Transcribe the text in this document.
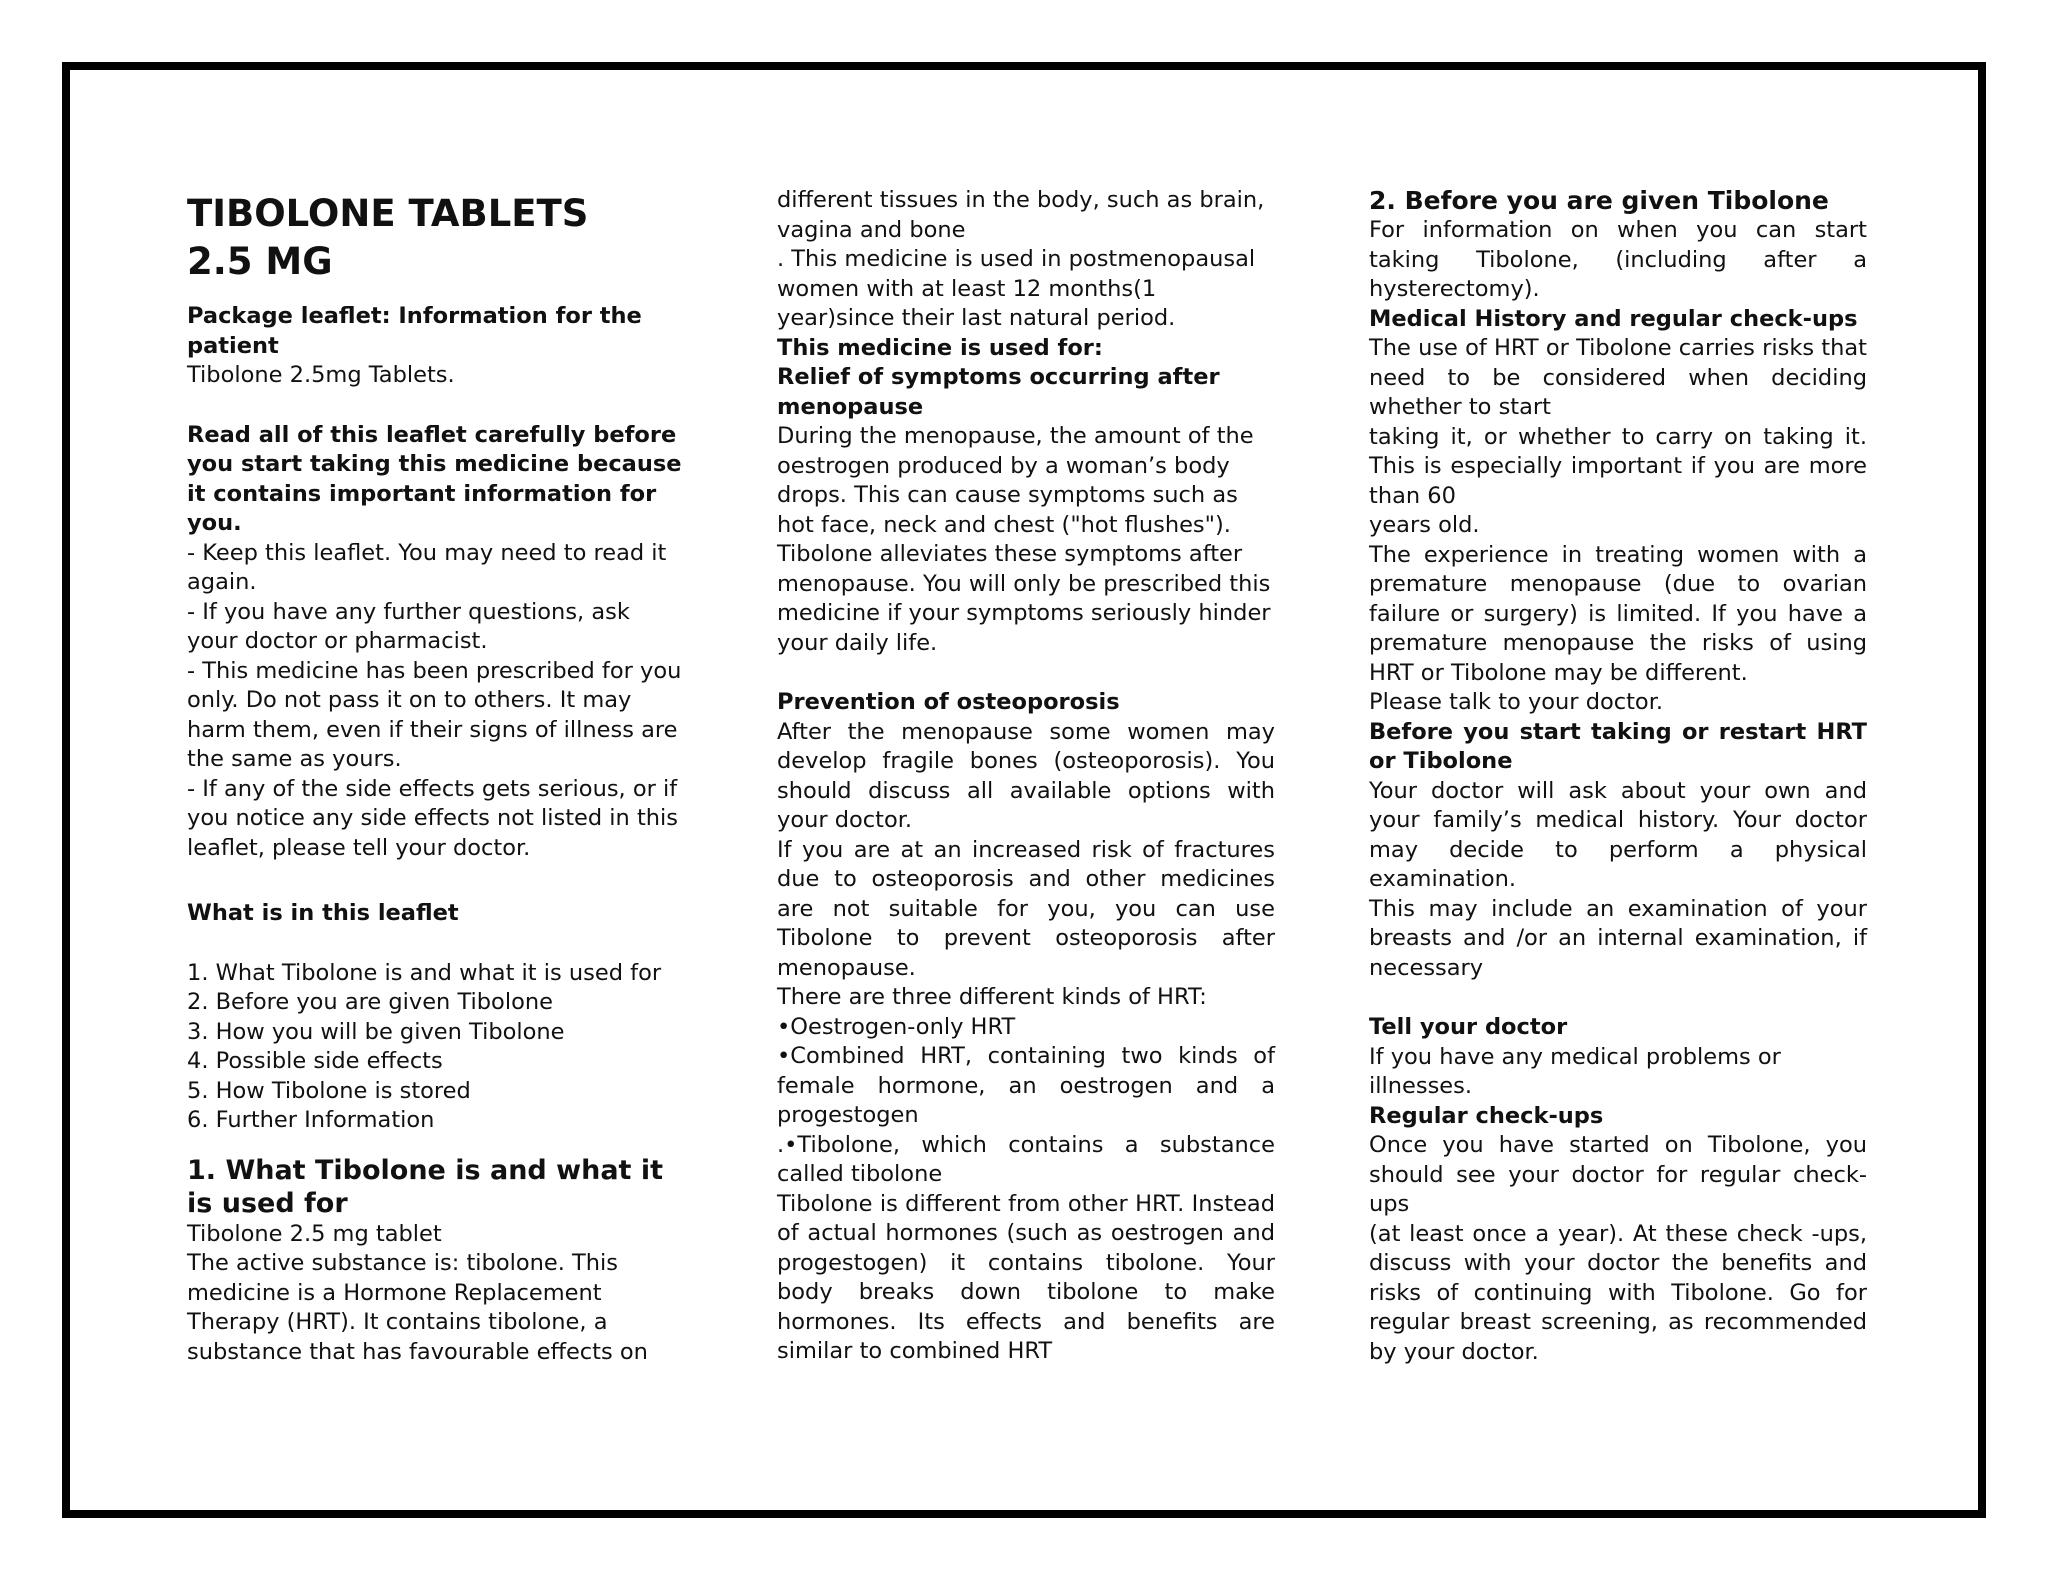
TIBOLONE TABLETS
2.5 MG

Package leaflet: Information for the patient

Tibolone 2.5mg Tablets.

Read all of this leaflet carefully before you start taking this medicine because it contains important information for you.

- Keep this leaflet. You may need to read it again.

- If you have any further questions, ask your doctor or pharmacist.

- This medicine has been prescribed for you only. Do not pass it on to others. It may harm them, even if their signs of illness are the same as yours.

- If any of the side effects gets serious, or if you notice any side effects not listed in this leaflet, please tell your doctor.

What is in this leaflet

1. What Tibolone is and what it is used for

2. Before you are given Tibolone

3. How you will be given Tibolone

4. Possible side effects

5. How Tibolone is stored

6. Further Information

1. What Tibolone is and what it is used for

Tibolone 2.5 mg tablet

The active substance is: tibolone. This medicine is a Hormone Replacement Therapy (HRT). It contains tibolone, a substance that has favourable effects on

different tissues in the body, such as brain, vagina and bone

. This medicine is used in postmenopausal women with at least 12 months(1 year)since their last natural period.

This medicine is used for:

Relief of symptoms occurring after menopause

During the menopause, the amount of the oestrogen produced by a woman’s body drops. This can cause symptoms such as hot face, neck and chest ("hot flushes"). Tibolone alleviates these symptoms after menopause. You will only be prescribed this medicine if your symptoms seriously hinder your daily life.

Prevention of osteoporosis

After the menopause some women may develop fragile bones (osteoporosis). You should discuss all available options with your doctor.

If you are at an increased risk of fractures due to osteoporosis and other medicines are not suitable for you, you can use Tibolone to prevent osteoporosis after menopause.

There are three different kinds of HRT:

•Oestrogen-only HRT

•Combined HRT, containing two kinds of female hormone, an oestrogen and a progestogen

.•Tibolone, which contains a substance called tibolone

Tibolone is different from other HRT. Instead of actual hormones (such as oestrogen and progestogen) it contains tibolone. Your body breaks down tibolone to make hormones. Its effects and benefits are similar to combined HRT

2. Before you are given Tibolone

For information on when you can start taking Tibolone, (including after a hysterectomy).

Medical History and regular check-ups

The use of HRT or Tibolone carries risks that need to be considered when deciding whether to start

taking it, or whether to carry on taking it. This is especially important if you are more than 60

years old.

The experience in treating women with a premature menopause (due to ovarian failure or surgery) is limited. If you have a premature menopause the risks of using HRT or Tibolone may be different.

Please talk to your doctor.

Before you start taking or restart HRT or Tibolone

Your doctor will ask about your own and your family’s medical history. Your doctor may decide to perform a physical examination.

This may include an examination of your breasts and /or an internal examination, if necessary

Tell your doctor

If you have any medical problems or illnesses.

Regular check-ups

Once you have started on Tibolone, you should see your doctor for regular check-ups

(at least once a year). At these check -ups, discuss with your doctor the benefits and risks of continuing with Tibolone. Go for regular breast screening, as recommended by your doctor.
